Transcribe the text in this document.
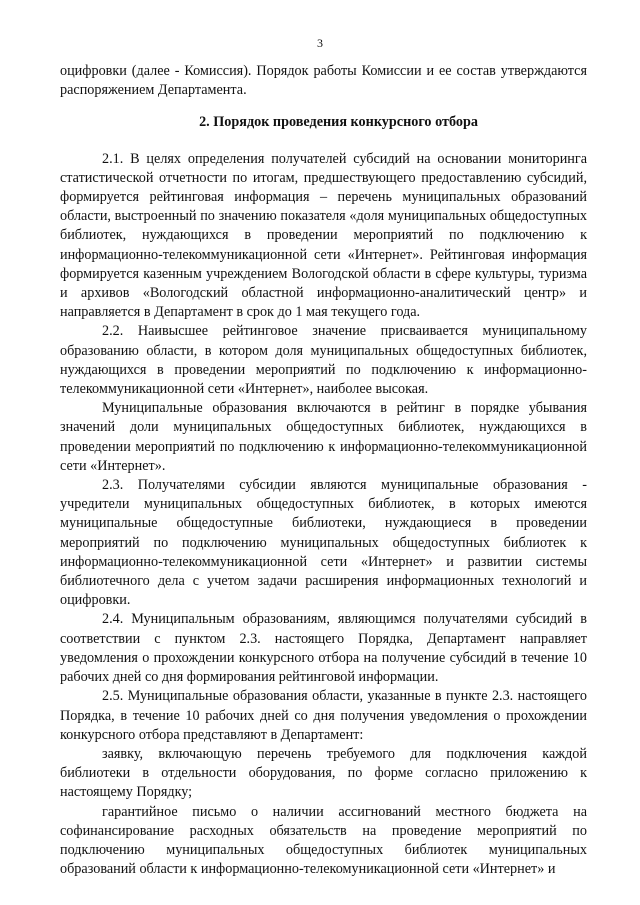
3

оцифровки (далее - Комиссия). Порядок работы Комиссии и ее состав утверждаются распоряжением Департамента.

2. Порядок проведения конкурсного отбора

2.1. В целях определения получателей субсидий на основании мониторинга статистической отчетности по итогам, предшествующего предоставлению субсидий, формируется рейтинговая информация – перечень муниципальных образований области, выстроенный по значению показателя «доля муниципальных общедоступных библиотек, нуждающихся в проведении мероприятий по подключению к информационно-телекоммуникационной сети «Интернет». Рейтинговая информация формируется казенным учреждением Вологодской области в сфере культуры, туризма и архивов «Вологодский областной информационно-аналитический центр» и направляется в Департамент в срок до 1 мая текущего года.

2.2. Наивысшее рейтинговое значение присваивается муниципальному образованию области, в котором доля муниципальных общедоступных библиотек, нуждающихся в проведении мероприятий по подключению к информационно-телекоммуникационной сети «Интернет», наиболее высокая.

Муниципальные образования включаются в рейтинг в порядке убывания значений доли муниципальных общедоступных библиотек, нуждающихся в проведении мероприятий по подключению к информационно-телекоммуникационной сети «Интернет».

2.3. Получателями субсидии являются муниципальные образования - учредители муниципальных общедоступных библиотек, в которых имеются муниципальные общедоступные библиотеки, нуждающиеся в проведении мероприятий по подключению муниципальных общедоступных библиотек к информационно-телекоммуникационной сети «Интернет» и развитии системы библиотечного дела с учетом задачи расширения информационных технологий и оцифровки.

2.4. Муниципальным образованиям, являющимся получателями субсидий в соответствии с пунктом 2.3. настоящего Порядка, Департамент направляет уведомления о прохождении конкурсного отбора на получение субсидий в течение 10 рабочих дней со дня формирования рейтинговой информации.

2.5. Муниципальные образования области, указанные в пункте 2.3. настоящего Порядка, в течение 10 рабочих дней со дня получения уведомления о прохождении конкурсного отбора представляют в Департамент:

заявку, включающую перечень требуемого для подключения каждой библиотеки в отдельности оборудования, по форме согласно приложению к настоящему Порядку;

гарантийное письмо о наличии ассигнований местного бюджета на софинансирование расходных обязательств на проведение мероприятий по подключению муниципальных общедоступных библиотек муниципальных образований области к информационно-телекомуникационной сети «Интернет» и
